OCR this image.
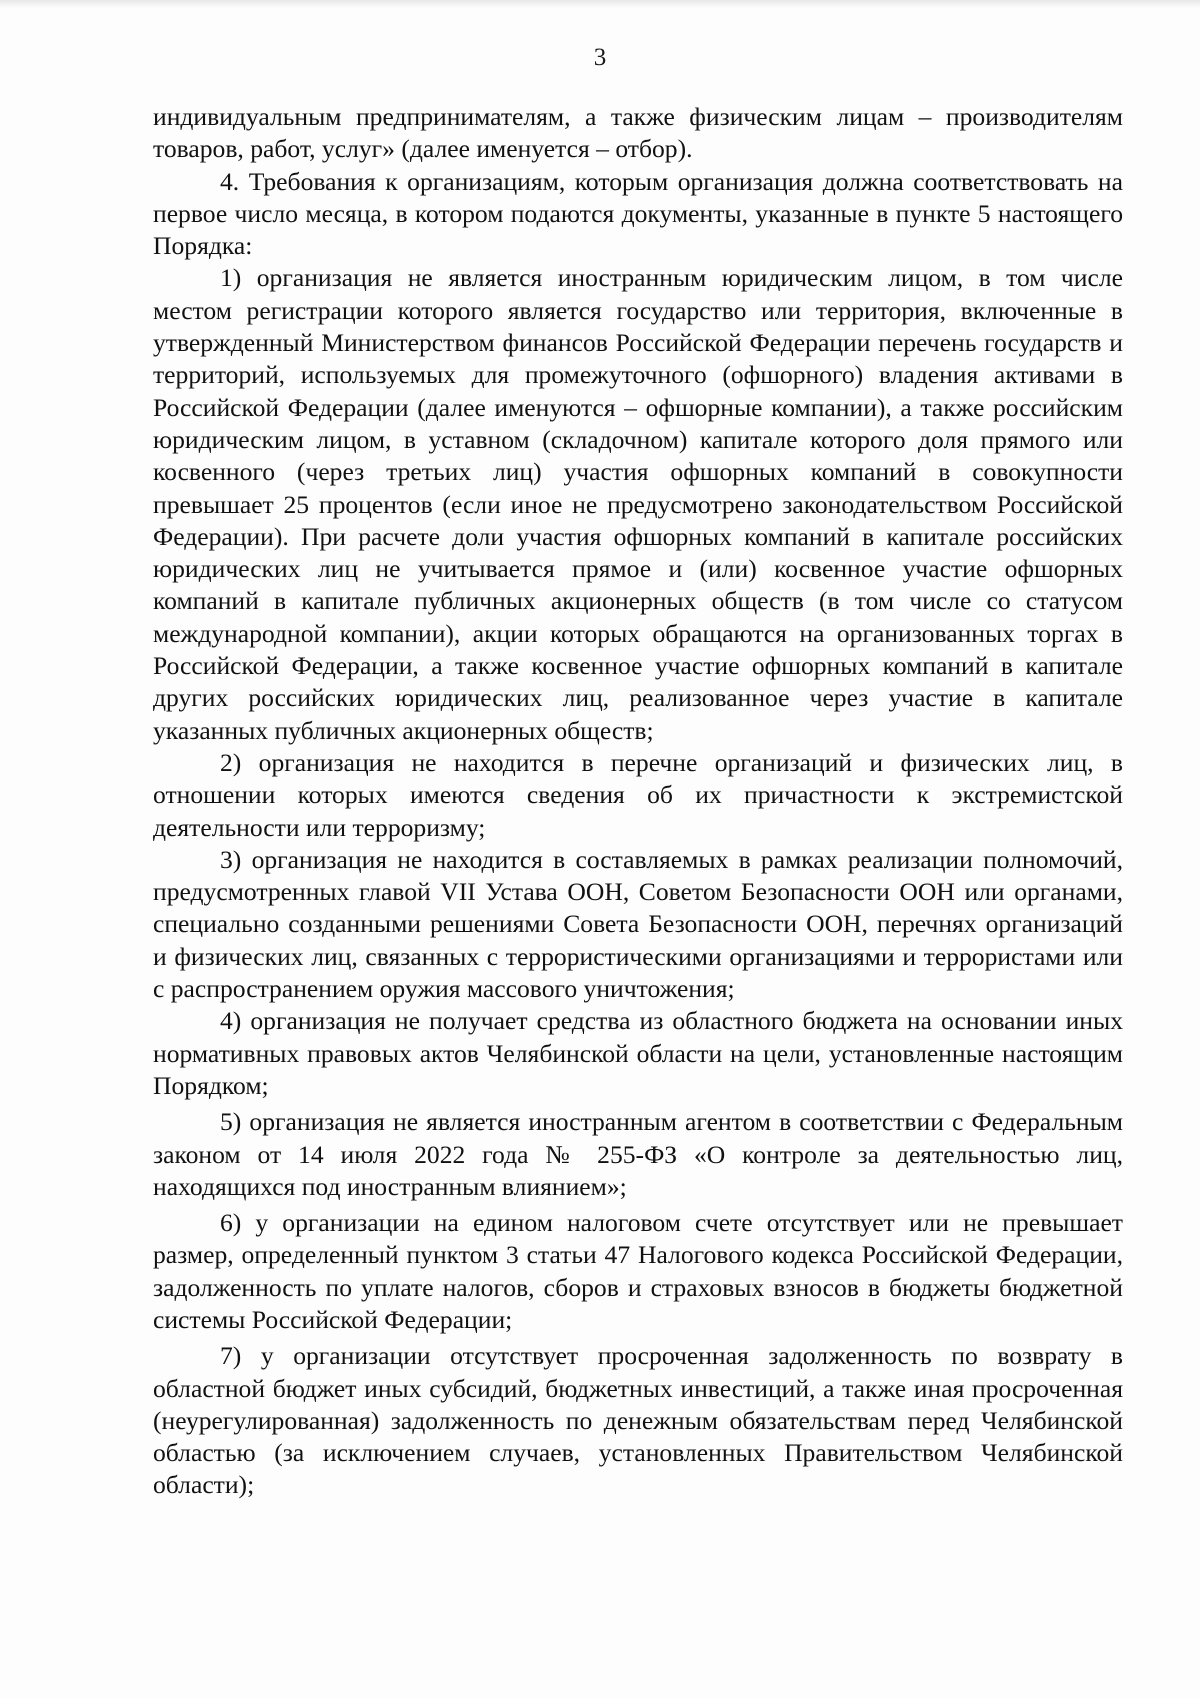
3

индивидуальным предпринимателям, а также физическим лицам – производителям товаров, работ, услуг» (далее именуется – отбор).

4. Требования к организациям, которым организация должна соответствовать на первое число месяца, в котором подаются документы, указанные в пункте 5 настоящего Порядка:

1) организация не является иностранным юридическим лицом, в том числе местом регистрации которого является государство или территория, включенные в утвержденный Министерством финансов Российской Федерации перечень государств и территорий, используемых для промежуточного (офшорного) владения активами в Российской Федерации (далее именуются – офшорные компании), а также российским юридическим лицом, в уставном (складочном) капитале которого доля прямого или косвенного (через третьих лиц) участия офшорных компаний в совокупности превышает 25 процентов (если иное не предусмотрено законодательством Российской Федерации). При расчете доли участия офшорных компаний в капитале российских юридических лиц не учитывается прямое и (или) косвенное участие офшорных компаний в капитале публичных акционерных обществ (в том числе со статусом международной компании), акции которых обращаются на организованных торгах в Российской Федерации, а также косвенное участие офшорных компаний в капитале других российских юридических лиц, реализованное через участие в капитале указанных публичных акционерных обществ;

2) организация не находится в перечне организаций и физических лиц, в отношении которых имеются сведения об их причастности к экстремистской деятельности или терроризму;

3) организация не находится в составляемых в рамках реализации полномочий, предусмотренных главой VII Устава ООН, Советом Безопасности ООН или органами, специально созданными решениями Совета Безопасности ООН, перечнях организаций и физических лиц, связанных с террористическими организациями и террористами или с распространением оружия массового уничтожения;

4) организация не получает средства из областного бюджета на основании иных нормативных правовых актов Челябинской области на цели, установленные настоящим Порядком;

5) организация не является иностранным агентом в соответствии с Федеральным законом от 14 июля 2022 года № 255-ФЗ «О контроле за деятельностью лиц, находящихся под иностранным влиянием»;

6) у организации на едином налоговом счете отсутствует или не превышает размер, определенный пунктом 3 статьи 47 Налогового кодекса Российской Федерации, задолженность по уплате налогов, сборов и страховых взносов в бюджеты бюджетной системы Российской Федерации;

7) у организации отсутствует просроченная задолженность по возврату в областной бюджет иных субсидий, бюджетных инвестиций, а также иная просроченная (неурегулированная) задолженность по денежным обязательствам перед Челябинской областью (за исключением случаев, установленных Правительством Челябинской области);
